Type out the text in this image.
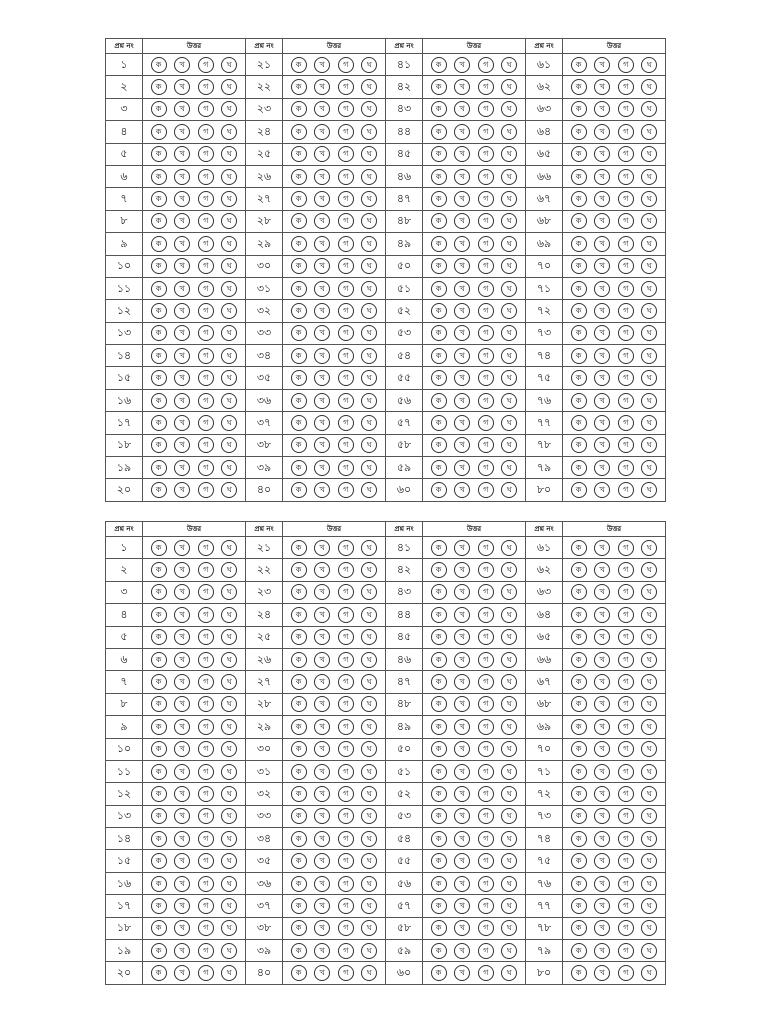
প্রশ্ন নং	উত্তর	প্রশ্ন নং	উত্তর	প্রশ্ন নং	উত্তর	প্রশ্ন নং	উত্তর
১	ক খ গ ঘ	২১	ক খ গ ঘ	৪১	ক খ গ ঘ	৬১	ক খ গ ঘ

২	ক খ গ ঘ	২২	ক খ গ ঘ	৪২	ক খ গ ঘ	৬২	ক খ গ ঘ

৩	ক খ গ ঘ	২৩	ক খ গ ঘ	৪৩	ক খ গ ঘ	৬৩	ক খ গ ঘ

৪	ক খ গ ঘ	২৪	ক খ গ ঘ	৪৪	ক খ গ ঘ	৬৪	ক খ গ ঘ

৫	ক খ গ ঘ	২৫	ক খ গ ঘ	৪৫	ক খ গ ঘ	৬৫	ক খ গ ঘ

৬	ক খ গ ঘ	২৬	ক খ গ ঘ	৪৬	ক খ গ ঘ	৬৬	ক খ গ ঘ

৭	ক খ গ ঘ	২৭	ক খ গ ঘ	৪৭	ক খ গ ঘ	৬৭	ক খ গ ঘ

৮	ক খ গ ঘ	২৮	ক খ গ ঘ	৪৮	ক খ গ ঘ	৬৮	ক খ গ ঘ

৯	ক খ গ ঘ	২৯	ক খ গ ঘ	৪৯	ক খ গ ঘ	৬৯	ক খ গ ঘ

১০	ক খ গ ঘ	৩০	ক খ গ ঘ	৫০	ক খ গ ঘ	৭০	ক খ গ ঘ

১১	ক খ গ ঘ	৩১	ক খ গ ঘ	৫১	ক খ গ ঘ	৭১	ক খ গ ঘ

১২	ক খ গ ঘ	৩২	ক খ গ ঘ	৫২	ক খ গ ঘ	৭২	ক খ গ ঘ

১৩	ক খ গ ঘ	৩৩	ক খ গ ঘ	৫৩	ক খ গ ঘ	৭৩	ক খ গ ঘ

১৪	ক খ গ ঘ	৩৪	ক খ গ ঘ	৫৪	ক খ গ ঘ	৭৪	ক খ গ ঘ

১৫	ক খ গ ঘ	৩৫	ক খ গ ঘ	৫৫	ক খ গ ঘ	৭৫	ক খ গ ঘ

১৬	ক খ গ ঘ	৩৬	ক খ গ ঘ	৫৬	ক খ গ ঘ	৭৬	ক খ গ ঘ

১৭	ক খ গ ঘ	৩৭	ক খ গ ঘ	৫৭	ক খ গ ঘ	৭৭	ক খ গ ঘ

১৮	ক খ গ ঘ	৩৮	ক খ গ ঘ	৫৮	ক খ গ ঘ	৭৮	ক খ গ ঘ

১৯	ক খ গ ঘ	৩৯	ক খ গ ঘ	৫৯	ক খ গ ঘ	৭৯	ক খ গ ঘ

২০	ক খ গ ঘ	৪০	ক খ গ ঘ	৬০	ক খ গ ঘ	৮০	ক খ গ ঘ
প্রশ্ন নং	উত্তর	প্রশ্ন নং	উত্তর	প্রশ্ন নং	উত্তর	প্রশ্ন নং	উত্তর
১	ক খ গ ঘ	২১	ক খ গ ঘ	৪১	ক খ গ ঘ	৬১	ক খ গ ঘ

২	ক খ গ ঘ	২২	ক খ গ ঘ	৪২	ক খ গ ঘ	৬২	ক খ গ ঘ

৩	ক খ গ ঘ	২৩	ক খ গ ঘ	৪৩	ক খ গ ঘ	৬৩	ক খ গ ঘ

৪	ক খ গ ঘ	২৪	ক খ গ ঘ	৪৪	ক খ গ ঘ	৬৪	ক খ গ ঘ

৫	ক খ গ ঘ	২৫	ক খ গ ঘ	৪৫	ক খ গ ঘ	৬৫	ক খ গ ঘ

৬	ক খ গ ঘ	২৬	ক খ গ ঘ	৪৬	ক খ গ ঘ	৬৬	ক খ গ ঘ

৭	ক খ গ ঘ	২৭	ক খ গ ঘ	৪৭	ক খ গ ঘ	৬৭	ক খ গ ঘ

৮	ক খ গ ঘ	২৮	ক খ গ ঘ	৪৮	ক খ গ ঘ	৬৮	ক খ গ ঘ

৯	ক খ গ ঘ	২৯	ক খ গ ঘ	৪৯	ক খ গ ঘ	৬৯	ক খ গ ঘ

১০	ক খ গ ঘ	৩০	ক খ গ ঘ	৫০	ক খ গ ঘ	৭০	ক খ গ ঘ

১১	ক খ গ ঘ	৩১	ক খ গ ঘ	৫১	ক খ গ ঘ	৭১	ক খ গ ঘ

১২	ক খ গ ঘ	৩২	ক খ গ ঘ	৫২	ক খ গ ঘ	৭২	ক খ গ ঘ

১৩	ক খ গ ঘ	৩৩	ক খ গ ঘ	৫৩	ক খ গ ঘ	৭৩	ক খ গ ঘ

১৪	ক খ গ ঘ	৩৪	ক খ গ ঘ	৫৪	ক খ গ ঘ	৭৪	ক খ গ ঘ

১৫	ক খ গ ঘ	৩৫	ক খ গ ঘ	৫৫	ক খ গ ঘ	৭৫	ক খ গ ঘ

১৬	ক খ গ ঘ	৩৬	ক খ গ ঘ	৫৬	ক খ গ ঘ	৭৬	ক খ গ ঘ

১৭	ক খ গ ঘ	৩৭	ক খ গ ঘ	৫৭	ক খ গ ঘ	৭৭	ক খ গ ঘ

১৮	ক খ গ ঘ	৩৮	ক খ গ ঘ	৫৮	ক খ গ ঘ	৭৮	ক খ গ ঘ

১৯	ক খ গ ঘ	৩৯	ক খ গ ঘ	৫৯	ক খ গ ঘ	৭৯	ক খ গ ঘ

২০	ক খ গ ঘ	৪০	ক খ গ ঘ	৬০	ক খ গ ঘ	৮০	ক খ গ ঘ
